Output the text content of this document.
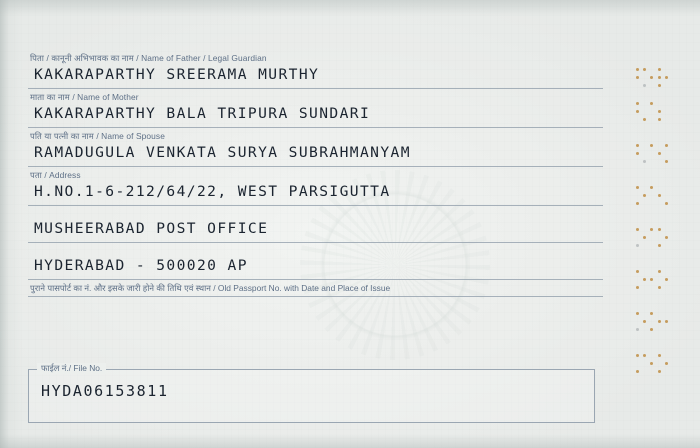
पिता / कानूनी अभिभावक का नाम / Name of Father / Legal Guardian
KAKARAPARTHY SREERAMA MURTHY
माता का नाम / Name of Mother
KAKARAPARTHY BALA TRIPURA SUNDARI
पति या पत्नी का नाम / Name of Spouse
RAMADUGULA VENKATA SURYA SUBRAHMANYAM
पता / Address
H.NO.1-6-212/64/22, WEST PARSIGUTTA
MUSHEERABAD POST OFFICE
HYDERABAD - 500020 AP
पुराने पासपोर्ट का नं. और इसके जारी होने की तिथि एवं स्थान / Old Passport No. with Date and Place of Issue
फाईल नं./ File No.
HYDA06153811
